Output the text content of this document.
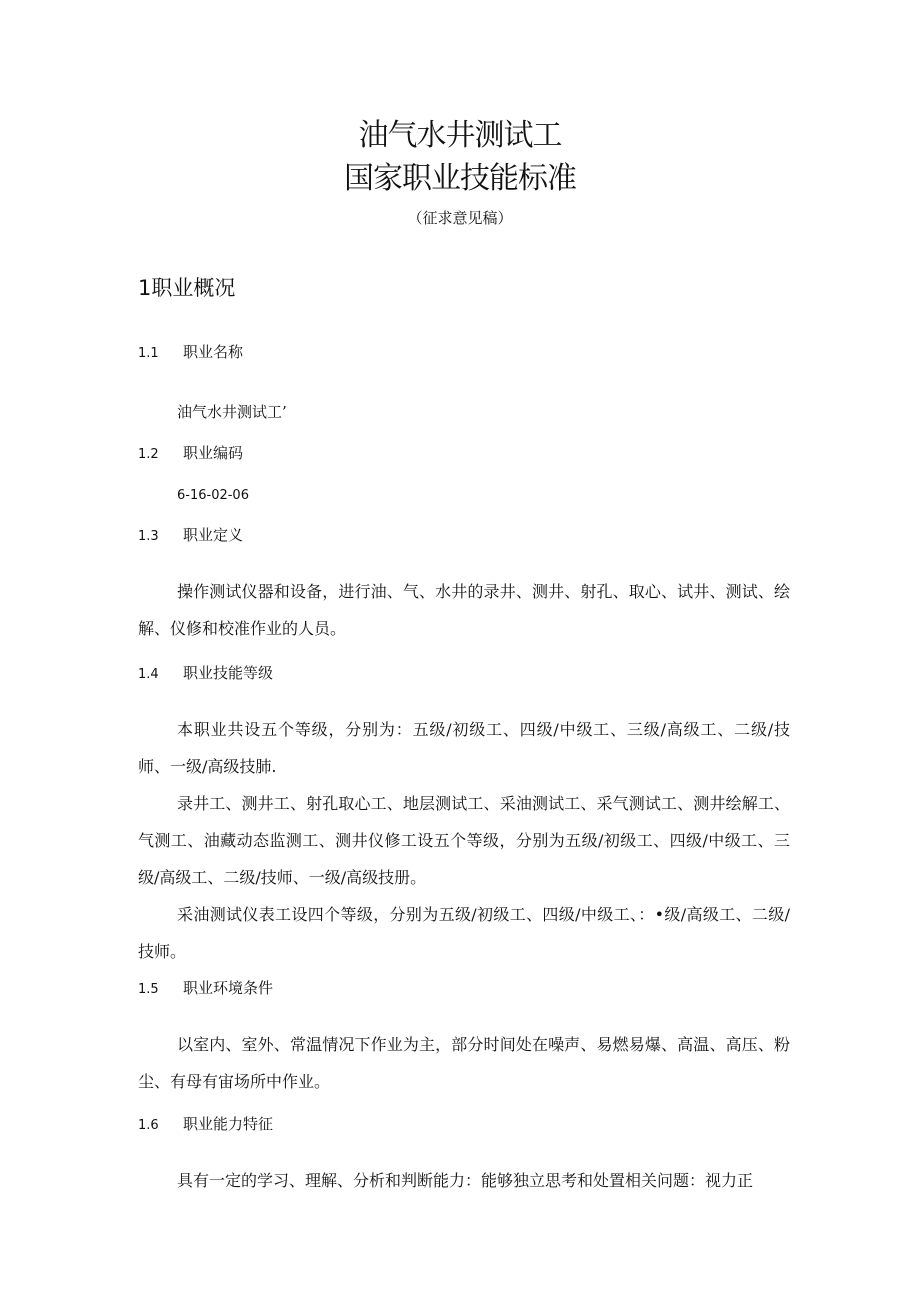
油气水井测试工
国家职业技能标准
（征求意见稿）
1职业概况
1.1 职业名称
油气水井测试工’
1.2 职业编码
6-16-02-06
1.3 职业定义
操作测试仪器和设备，进行油、气、水井的录井、测井、射孔、取心、试井、测试、绘解、仪修和校准作业的人员。
1.4 职业技能等级
本职业共设五个等级，分别为：五级/初级工、四级/中级工、三级/高级工、二级/技师、一级/高级技肺.
录井工、测井工、射孔取心工、地层测试工、采油测试工、采气测试工、测井绘解工、气测工、油藏动态监测工、测井仪修工设五个等级，分别为五级/初级工、四级/中级工、三级/高级工、二级/技师、一级/高级技册。
采油测试仪表工设四个等级，分别为五级/初级工、四级/中级工、：•级/高级工、二级/技师。
1.5 职业环境条件
以室内、室外、常温情况下作业为主，部分时间处在噪声、易燃易爆、高温、高压、粉尘、有母有宙场所中作业。
1.6 职业能力特征
具有一定的学习、理解、分析和判断能力：能够独立思考和处置相关问题：视力正
